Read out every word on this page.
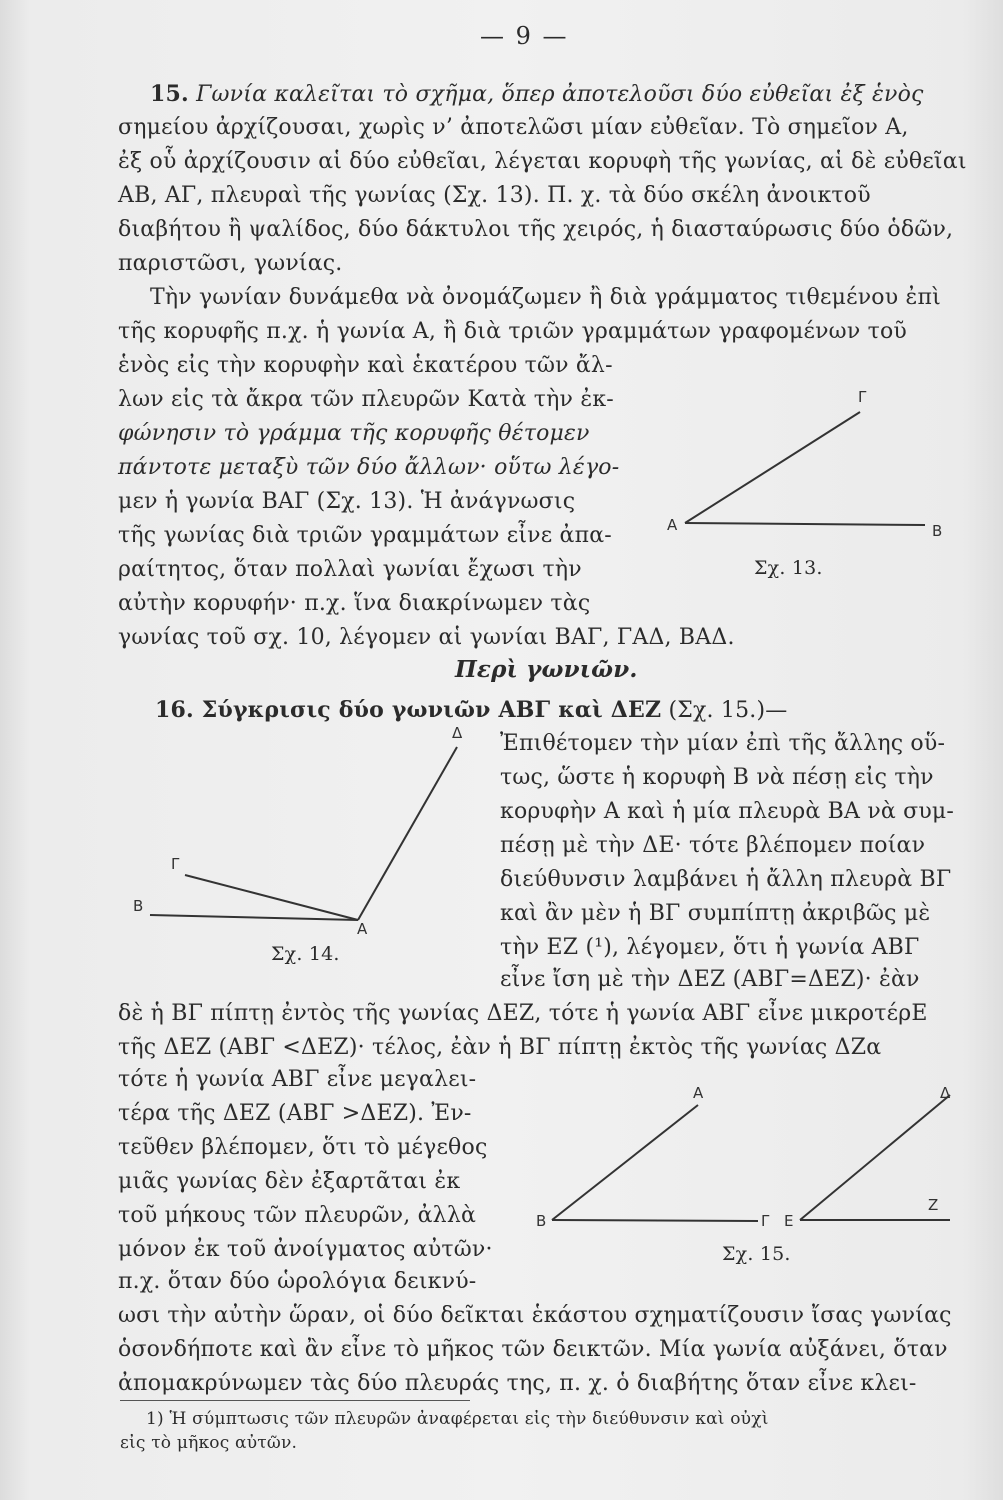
— 9 —
15. Γωνία καλεῖται τὸ σχῆμα, ὅπερ ἀποτελοῦσι δύο εὐθεῖαι ἐξ ἑνὸς
σημείου ἀρχίζουσαι, χωρὶς ν’ ἀποτελῶσι μίαν εὐθεῖαν. Τὸ σημεῖον Α,
ἐξ οὗ ἀρχίζουσιν αἱ δύο εὐθεῖαι, λέγεται κορυφὴ τῆς γωνίας, αἱ δὲ εὐθεῖαι
ΑΒ, ΑΓ, πλευραὶ τῆς γωνίας (Σχ. 13). Π. χ. τὰ δύο σκέλη ἀνοικτοῦ
διαβήτου ἢ ψαλίδος, δύο δάκτυλοι τῆς χειρός, ἡ διασταύρωσις δύο ὁδῶν,
παριστῶσι, γωνίας.
Τὴν γωνίαν δυνάμεθα νὰ ὀνομάζωμεν ἢ διὰ γράμματος τιθεμένου ἐπὶ
τῆς κορυφῆς π.χ. ἡ γωνία Α, ἢ διὰ τριῶν γραμμάτων γραφομένων τοῦ
ἑνὸς εἰς τὴν κορυφὴν καὶ ἑκατέρου τῶν ἄλ-
λων εἰς τὰ ἄκρα τῶν πλευρῶν Κατὰ τὴν ἐκ-
φώνησιν τὸ γράμμα τῆς κορυφῆς θέτομεν
πάντοτε μεταξὺ τῶν δύο ἄλλων· οὕτω λέγο-
μεν ἡ γωνία ΒΑΓ (Σχ. 13). Ἡ ἀνάγνωσις
τῆς γωνίας διὰ τριῶν γραμμάτων εἶνε ἀπα-
ραίτητος, ὅταν πολλαὶ γωνίαι ἔχωσι τὴν
αὐτὴν κορυφήν· π.χ. ἵνα διακρίνωμεν τὰς
γωνίας τοῦ σχ. 10, λέγομεν αἱ γωνίαι ΒΑΓ, ΓΑΔ, ΒΑΔ.
Α
Γ
Β
Σχ. 13.
Περὶ γωνιῶν.
16. Σύγκρισις δύο γωνιῶν ΑΒΓ καὶ ΔΕΖ (Σχ. 15.)—
Δ
Γ
Β
Α
Σχ. 14.
Ἐπιθέτομεν τὴν μίαν ἐπὶ τῆς ἄλλης οὕ-
τως, ὥστε ἡ κορυφὴ Β νὰ πέσῃ εἰς τὴν
κορυφὴν Α καὶ ἡ μία πλευρὰ ΒΑ νὰ συμ-
πέσῃ μὲ τὴν ΔΕ· τότε βλέπομεν ποίαν
διεύθυνσιν λαμβάνει ἡ ἄλλη πλευρὰ ΒΓ
καὶ ἂν μὲν ἡ ΒΓ συμπίπτῃ ἀκριβῶς μὲ
τὴν ΕΖ (¹), λέγομεν, ὅτι ἡ γωνία ΑΒΓ
εἶνε ἴση μὲ τὴν ΔΕΖ (ΑΒΓ=ΔΕΖ)· ἐὰν
δὲ ἡ ΒΓ πίπτῃ ἐντὸς τῆς γωνίας ΔΕΖ, τότε ἡ γωνία ΑΒΓ εἶνε μικροτέρΕ
τῆς ΔΕΖ (ΑΒΓ <ΔΕΖ)· τέλος, ἐὰν ἡ ΒΓ πίπτῃ ἐκτὸς τῆς γωνίας ΔΖα
τότε ἡ γωνία ΑΒΓ εἶνε μεγαλει-
τέρα τῆς ΔΕΖ (ΑΒΓ >ΔΕΖ). Ἐν-
τεῦθεν βλέπομεν, ὅτι τὸ μέγεθος
μιᾶς γωνίας δὲν ἐξαρτᾶται ἐκ
τοῦ μήκους τῶν πλευρῶν, ἀλλὰ
μόνον ἐκ τοῦ ἀνοίγματος αὐτῶν·
π.χ. ὅταν δύο ὡρολόγια δεικνύ-
Α
Β	Γ
Δ
Ε
Ζ
Σχ. 15.
ωσι τὴν αὐτὴν ὥραν, οἱ δύο δεῖκται ἑκάστου σχηματίζουσιν ἴσας γωνίας
ὁσονδήποτε καὶ ἂν εἶνε τὸ μῆκος τῶν δεικτῶν. Μία γωνία αὐξάνει, ὅταν
ἀπομακρύνωμεν τὰς δύο πλευράς της, π. χ. ὁ διαβήτης ὅταν εἶνε κλει-
1) Ἡ σύμπτωσις τῶν πλευρῶν ἀναφέρεται εἰς τὴν διεύθυνσιν καὶ οὐχὶ
εἰς τὸ μῆκος αὐτῶν.
